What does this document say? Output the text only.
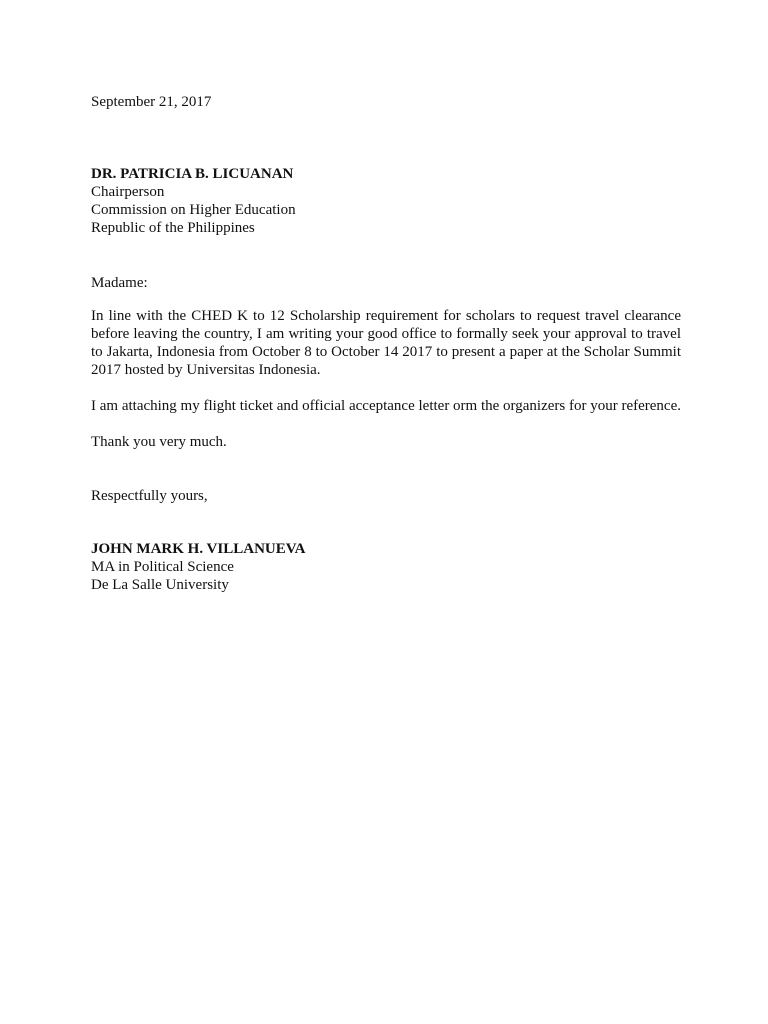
September 21, 2017

DR. PATRICIA B. LICUANAN

Chairperson

Commission on Higher Education

Republic of the Philippines

Madame:

In line with the CHED K to 12 Scholarship requirement for scholars to request travel clearance
before leaving the country, I am writing your good office to formally seek your approval to travel
to Jakarta, Indonesia from October 8 to October 14 2017 to present a paper at the Scholar Summit
2017 hosted by Universitas Indonesia.

I am attaching my flight ticket and official acceptance letter orm the organizers for your reference.

Thank you very much.

Respectfully yours,

JOHN MARK H. VILLANUEVA

MA in Political Science

De La Salle University
